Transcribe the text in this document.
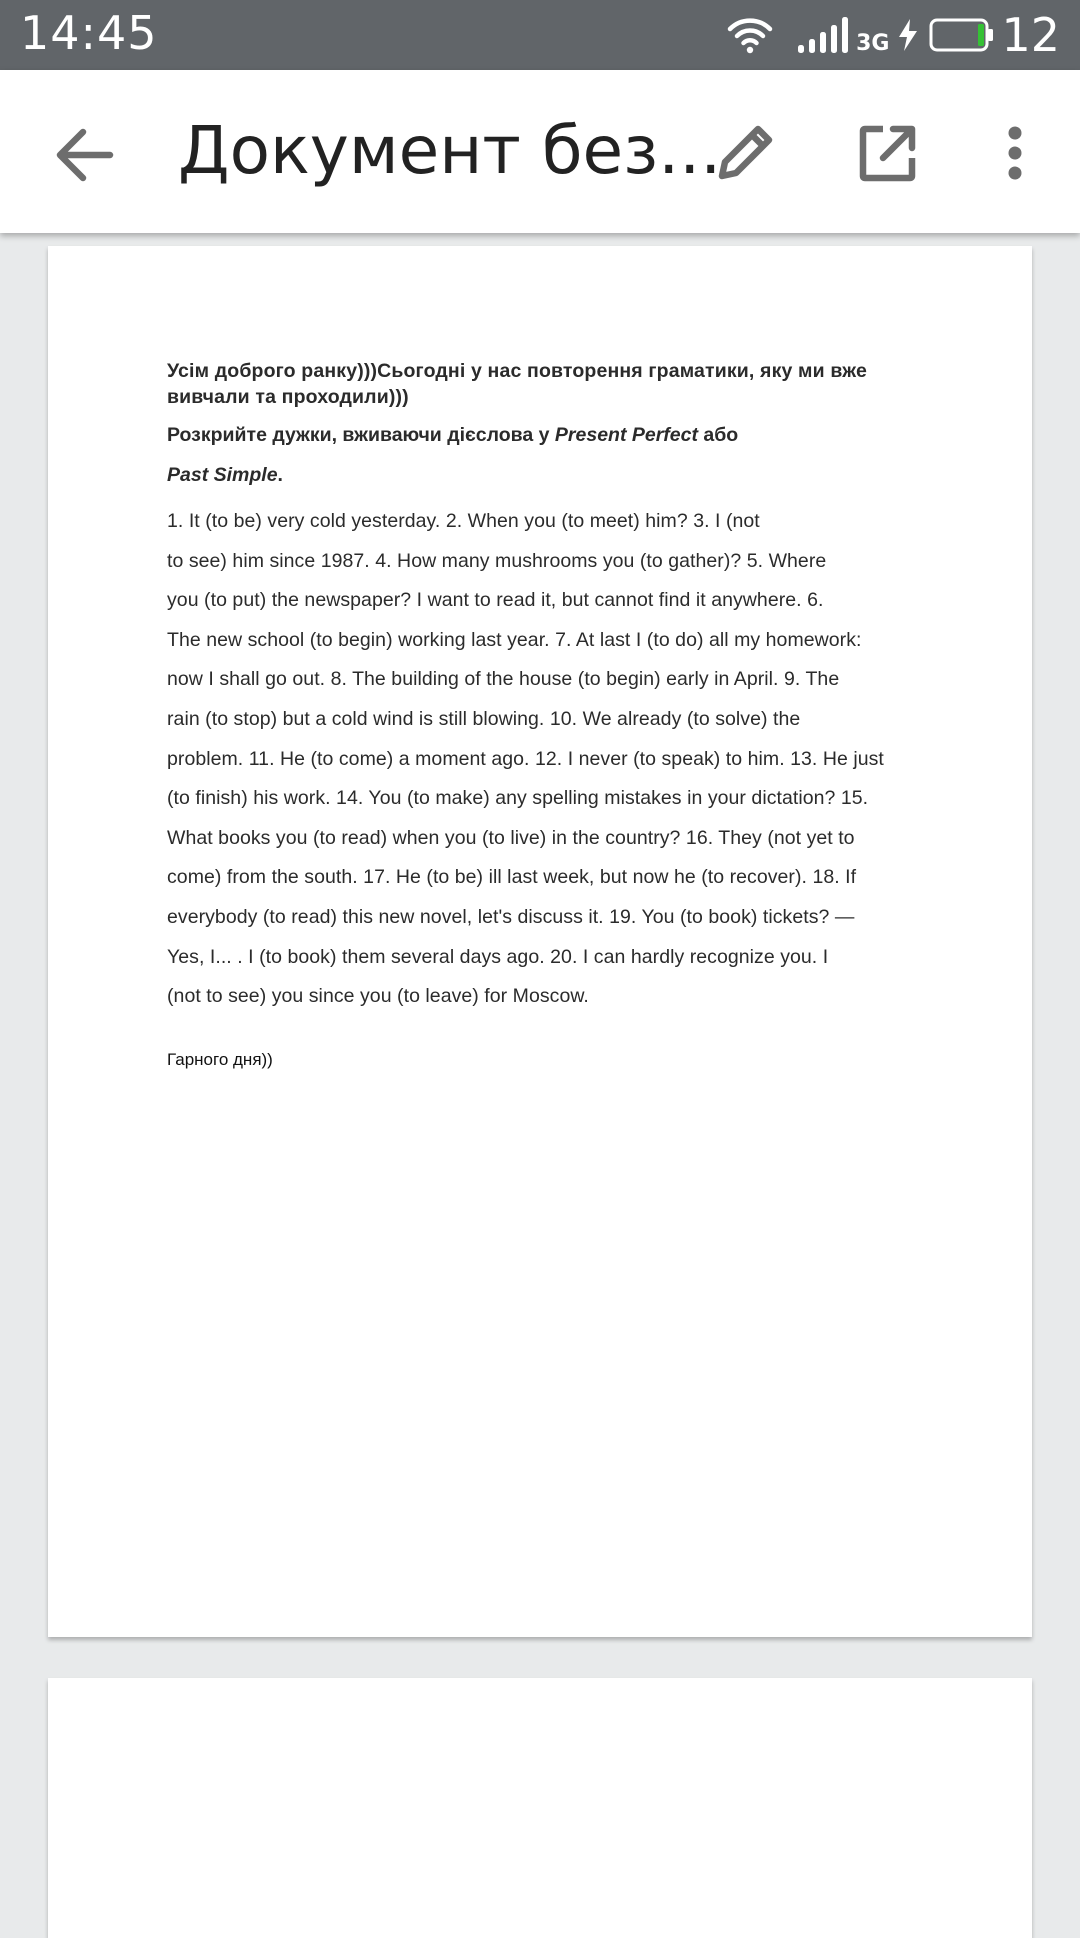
14:45	3G 12
Документ без...

Усім доброго ранку)))Сьогодні у нас повторення граматики, яку ми вже вивчали та проходили)))

Розкрийте дужки, вживаючи дієслова у Present Perfect або

Past Simple.

1. It (to be) very cold yesterday. 2. When you (to meet) him? 3. I (not
to see) him since 1987. 4. How many mushrooms you (to gather)? 5. Where
you (to put) the newspaper? I want to read it, but cannot find it anywhere. 6.
The new school (to begin) working last year. 7. At last I (to do) all my homework:
now I shall go out. 8. The building of the house (to begin) early in April. 9. The
rain (to stop) but a cold wind is still blowing. 10. We already (to solve) the
problem. 11. He (to come) a moment ago. 12. I never (to speak) to him. 13. He just
(to finish) his work. 14. You (to make) any spelling mistakes in your dictation? 15.
What books you (to read) when you (to live) in the country? 16. They (not yet to
come) from the south. 17. He (to be) ill last week, but now he (to recover). 18. If
everybody (to read) this new novel, let's discuss it. 19. You (to book) tickets? —
Yes, I... . I (to book) them several days ago. 20. I can hardly recognize you. I
(not to see) you since you (to leave) for Moscow.

Гарного дня))
